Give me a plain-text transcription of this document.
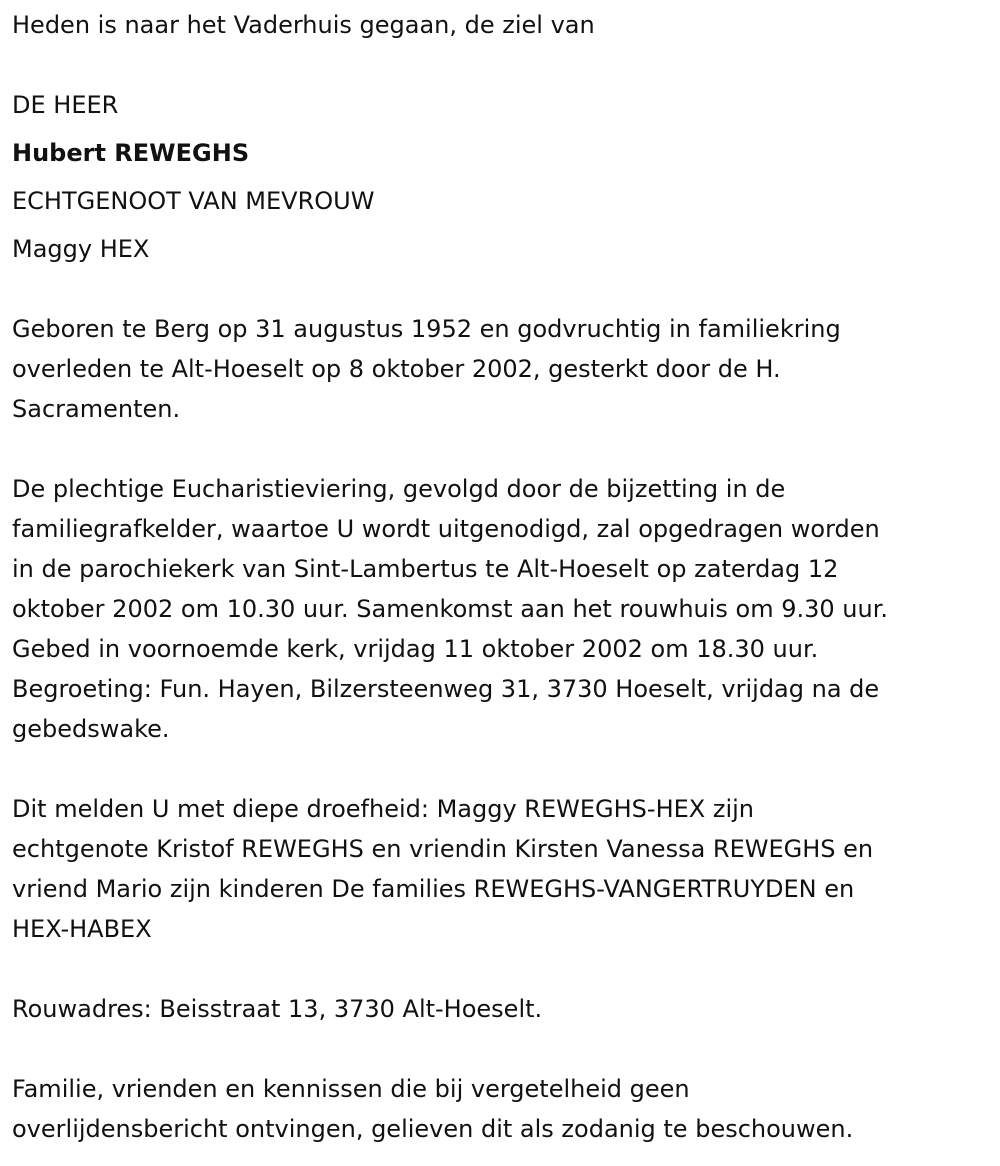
Heden is naar het Vaderhuis gegaan, de ziel van
DE HEER
Hubert REWEGHS
ECHTGENOOT VAN MEVROUW
Maggy HEX
Geboren te Berg op 31 augustus 1952 en godvruchtig in familiekring
overleden te Alt-Hoeselt op 8 oktober 2002, gesterkt door de H.
Sacramenten.
De plechtige Eucharistieviering, gevolgd door de bijzetting in de
familiegrafkelder, waartoe U wordt uitgenodigd, zal opgedragen worden
in de parochiekerk van Sint-Lambertus te Alt-Hoeselt op zaterdag 12
oktober 2002 om 10.30 uur. Samenkomst aan het rouwhuis om 9.30 uur.
Gebed in voornoemde kerk, vrijdag 11 oktober 2002 om 18.30 uur.
Begroeting: Fun. Hayen, Bilzersteenweg 31, 3730 Hoeselt, vrijdag na de
gebedswake.
Dit melden U met diepe droefheid: Maggy REWEGHS-HEX zijn
echtgenote Kristof REWEGHS en vriendin Kirsten Vanessa REWEGHS en
vriend Mario zijn kinderen De families REWEGHS-VANGERTRUYDEN en
HEX-HABEX
Rouwadres: Beisstraat 13, 3730 Alt-Hoeselt.
Familie, vrienden en kennissen die bij vergetelheid geen
overlijdensbericht ontvingen, gelieven dit als zodanig te beschouwen.
